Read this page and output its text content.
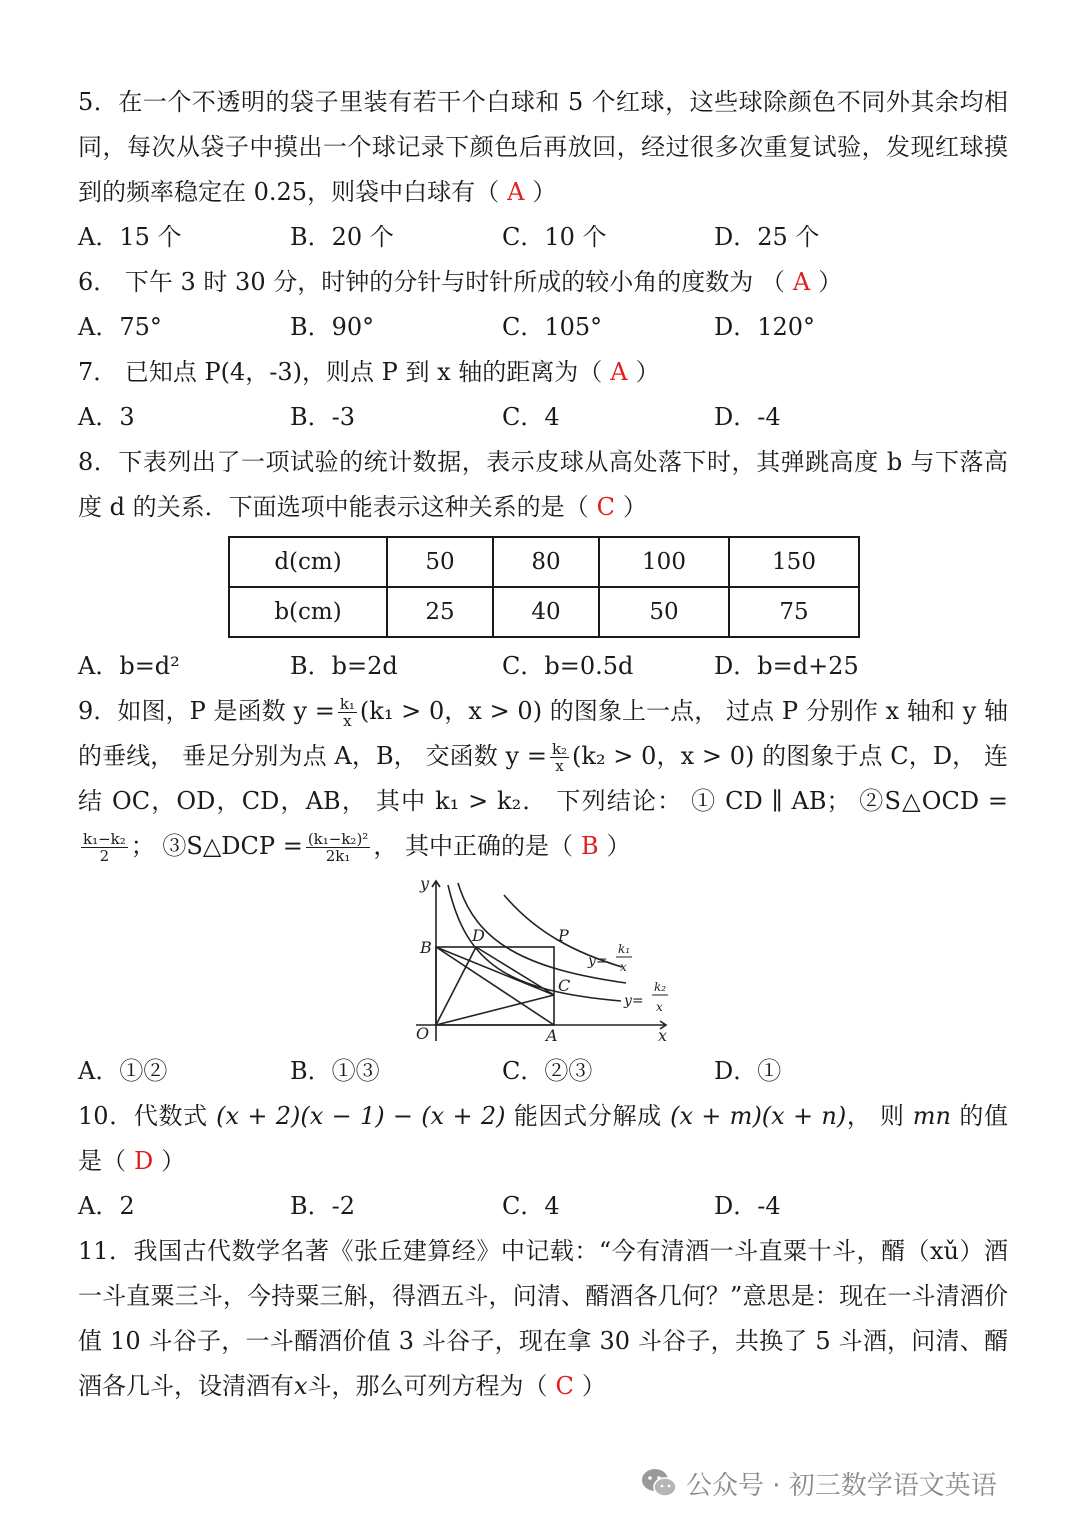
5．在一个不透明的袋子里装有若干个白球和 5 个红球，这些球除颜色不同外其余均相同，每次从袋子中摸出一个球记录下颜色后再放回，经过很多次重复试验，发现红球摸到的频率稳定在 0.25，则袋中白球有（ A ）

A．15 个	B．20 个	C．10 个	D．25 个

6． 下午 3 时 30 分，时钟的分针与时针所成的较小角的度数为 （ A ）

A．75°	B．90°	C．105°	D．120°

7． 已知点 P(4，-3)，则点 P 到 x 轴的距离为（ A ）

A．3	B．-3	C．4	D．-4

8．下表列出了一项试验的统计数据，表示皮球从高处落下时，其弹跳高度 b 与下落高度 d 的关系．下面选项中能表示这种关系的是（ C ）

d(cm)	50	80	100	150
b(cm)	25	40	50	75
A．b=d²	B．b=2d	C．b=0.5d	D．b=d+25

9．如图，P 是函数 $y = \frac{\text{k₁}}{x} (k_1 > 0$，x > 0) 的图象上一点， 过点 P 分别作 x 轴和 y 轴的垂线， 垂足分别为点 A，B， 交函数 $y = \frac{\text{k₂}}{x} (k_2 > 0$，x > 0) 的图象于点 C，D， 连结 OC，OD，CD，AB， 其中 k₁ > k₂． 下列结论： ① CD ∥ AB； ②S△OCD =
$\frac{\text{k₁−k₂}}{2}$ ； ③S△DCP = $\frac{\text{(k₁−k₂)²}}{\text{2k₁}}$ ， 其中正确的是（ B ）

y
x
O
B
D	P
C
A
y=
k₁
x
y=
k₂
x
A．①②	B．①③	C．②③	D．①

10．代数式 (x + 2)(x − 1) − (x + 2) 能因式分解成 (x + m)(x + n)， 则 mn 的值是（ D ）

A．2	B．-2	C．4	D．-4

11．我国古代数学名著《张丘建算经》中记载：“今有清酒一斗直粟十斗，醑（xǔ）酒一斗直粟三斗，今持粟三斛，得酒五斗，问清、醑酒各几何？”意思是：现在一斗清酒价值 10 斗谷子，一斗醑酒价值 3 斗谷子，现在拿 30 斗谷子，共换了 5 斗酒，问清、醑酒各几斗，设清酒有x斗，那么可列方程为（ C ）

公众号 · 初三数学语文英语
